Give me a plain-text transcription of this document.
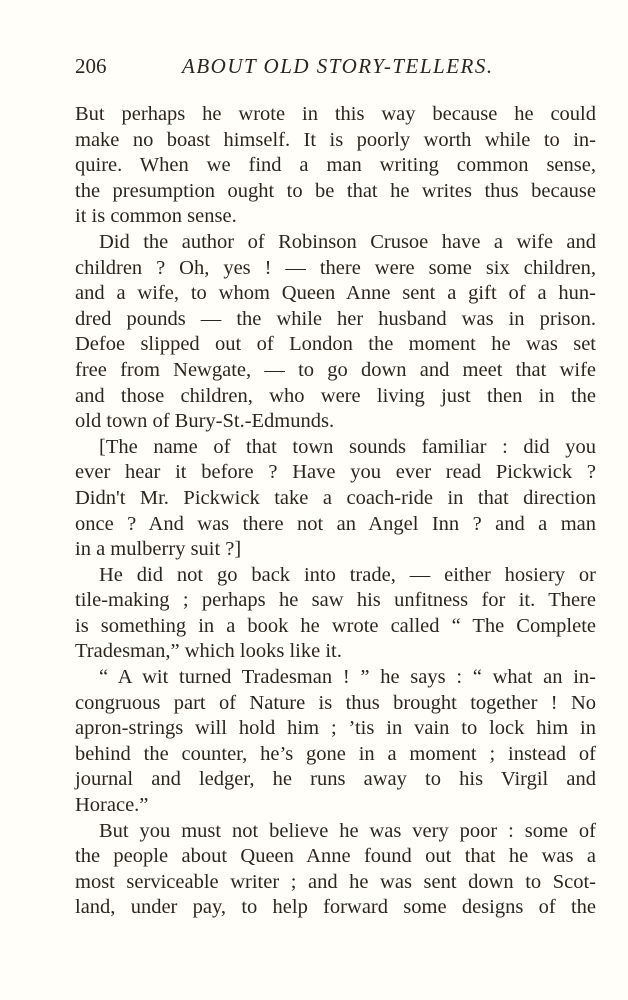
206	ABOUT OLD STORY-TELLERS.
But perhaps he wrote in this way because he could
make no boast himself. It is poorly worth while to in-
quire. When we find a man writing common sense,
the presumption ought to be that he writes thus because
it is common sense.
Did the author of Robinson Crusoe have a wife and
children ? Oh, yes ! — there were some six children,
and a wife, to whom Queen Anne sent a gift of a hun-
dred pounds — the while her husband was in prison.
Defoe slipped out of London the moment he was set
free from Newgate, — to go down and meet that wife
and those children, who were living just then in the
old town of Bury-St.-Edmunds.
[The name of that town sounds familiar : did you
ever hear it before ? Have you ever read Pickwick ?
Didn't Mr. Pickwick take a coach-ride in that direction
once ? And was there not an Angel Inn ? and a man
in a mulberry suit ?]
He did not go back into trade, — either hosiery or
tile-making ; perhaps he saw his unfitness for it. There
is something in a book he wrote called “ The Complete
Tradesman,” which looks like it.
“ A wit turned Tradesman ! ” he says : “ what an in-
congruous part of Nature is thus brought together ! No
apron-strings will hold him ; ’tis in vain to lock him in
behind the counter, he’s gone in a moment ; instead of
journal and ledger, he runs away to his Virgil and
Horace.”
But you must not believe he was very poor : some of
the people about Queen Anne found out that he was a
most serviceable writer ; and he was sent down to Scot-
land, under pay, to help forward some designs of the
